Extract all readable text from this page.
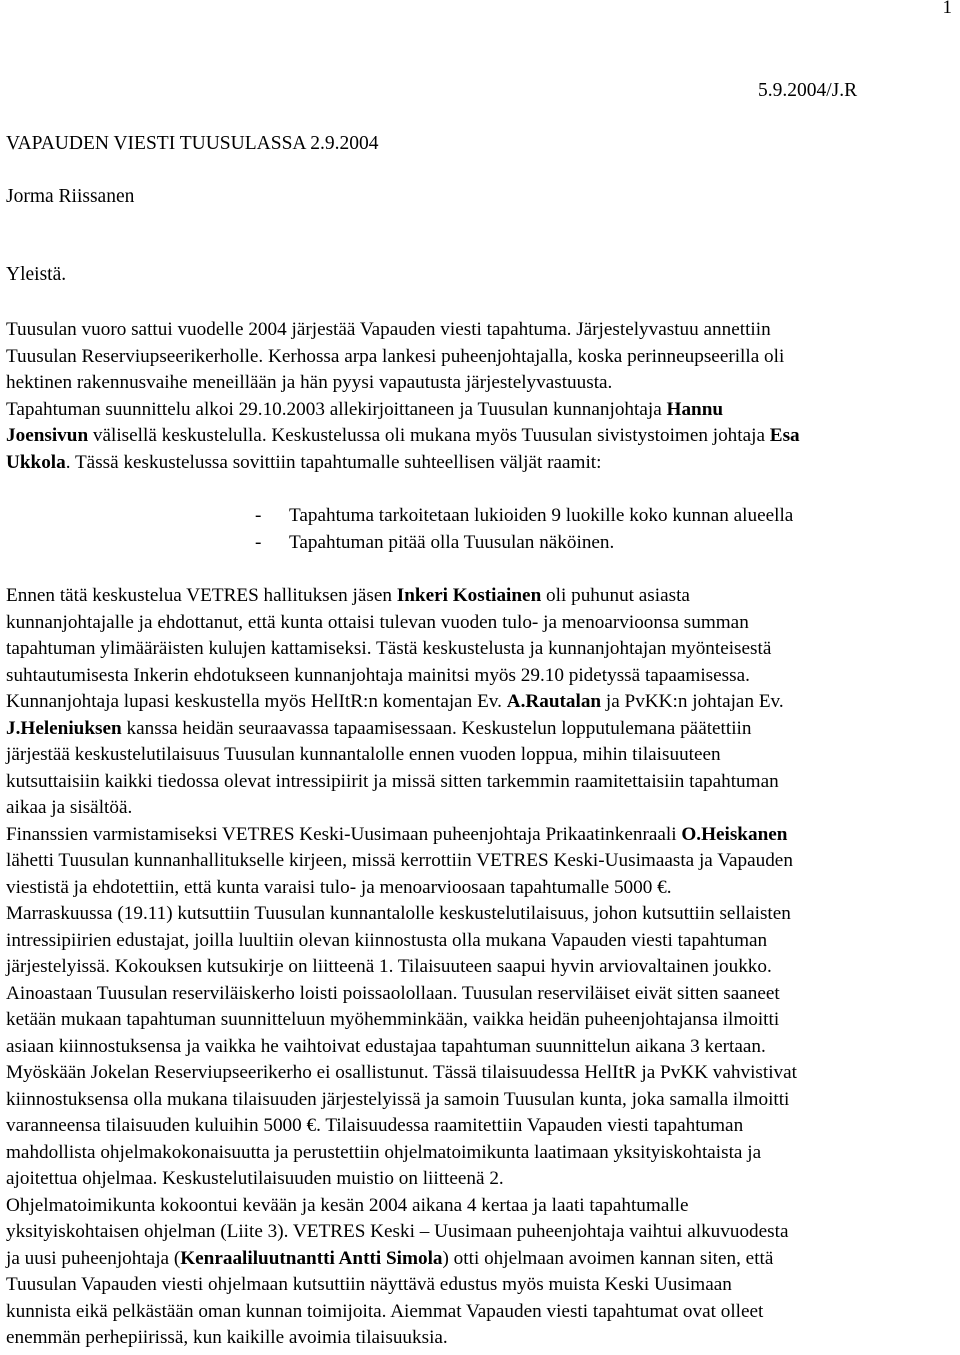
1
5.9.2004/J.R
VAPAUDEN VIESTI TUUSULASSA 2.9.2004
Jorma Riissanen
Yleistä.
Tuusulan vuoro sattui vuodelle 2004 järjestää Vapauden viesti tapahtuma. Järjestelyvastuu annettiin
Tuusulan Reserviupseerikerholle. Kerhossa arpa lankesi puheenjohtajalla, koska perinneupseerilla oli
hektinen rakennusvaihe meneillään ja hän pyysi vapautusta järjestelyvastuusta.
Tapahtuman suunnittelu alkoi 29.10.2003 allekirjoittaneen ja Tuusulan kunnanjohtaja Hannu
Joensivun välisellä keskustelulla. Keskustelussa oli mukana myös Tuusulan sivistystoimen johtaja Esa
Ukkola. Tässä keskustelussa sovittiin tapahtumalle suhteellisen väljät raamit:
-	Tapahtuma tarkoitetaan lukioiden 9 luokille koko kunnan alueella
-	Tapahtuman pitää olla Tuusulan näköinen.
Ennen tätä keskustelua VETRES hallituksen jäsen Inkeri Kostiainen oli puhunut asiasta
kunnanjohtajalle ja ehdottanut, että kunta ottaisi tulevan vuoden tulo- ja menoarvioonsa summan
tapahtuman ylimääräisten kulujen kattamiseksi. Tästä keskustelusta ja kunnanjohtajan myönteisestä
suhtautumisesta Inkerin ehdotukseen kunnanjohtaja mainitsi myös 29.10 pidetyssä tapaamisessa.
Kunnanjohtaja lupasi keskustella myös HelItR:n komentajan Ev. A.Rautalan ja PvKK:n johtajan Ev.
J.Heleniuksen kanssa heidän seuraavassa tapaamisessaan. Keskustelun lopputulemana päätettiin
järjestää keskustelutilaisuus Tuusulan kunnantalolle ennen vuoden loppua, mihin tilaisuuteen
kutsuttaisiin kaikki tiedossa olevat intressipiirit ja missä sitten tarkemmin raamitettaisiin tapahtuman
aikaa ja sisältöä.
Finanssien varmistamiseksi VETRES Keski-Uusimaan puheenjohtaja Prikaatinkenraali O.Heiskanen
lähetti Tuusulan kunnanhallitukselle kirjeen, missä kerrottiin VETRES Keski-Uusimaasta ja Vapauden
viestistä ja ehdotettiin, että kunta varaisi tulo- ja menoarvioosaan tapahtumalle 5000 €.
Marraskuussa (19.11) kutsuttiin Tuusulan kunnantalolle keskustelutilaisuus, johon kutsuttiin sellaisten
intressipiirien edustajat, joilla luultiin olevan kiinnostusta olla mukana Vapauden viesti tapahtuman
järjestelyissä. Kokouksen kutsukirje on liitteenä 1. Tilaisuuteen saapui hyvin arviovaltainen joukko.
Ainoastaan Tuusulan reserviläiskerho loisti poissaolollaan. Tuusulan reserviläiset eivät sitten saaneet
ketään mukaan tapahtuman suunnitteluun myöhemminkään, vaikka heidän puheenjohtajansa ilmoitti
asiaan kiinnostuksensa ja vaikka he vaihtoivat edustajaa tapahtuman suunnittelun aikana 3 kertaan.
Myöskään Jokelan Reserviupseerikerho ei osallistunut. Tässä tilaisuudessa HelItR ja PvKK vahvistivat
kiinnostuksensa olla mukana tilaisuuden järjestelyissä ja samoin Tuusulan kunta, joka samalla ilmoitti
varanneensa tilaisuuden kuluihin 5000 €. Tilaisuudessa raamitettiin Vapauden viesti tapahtuman
mahdollista ohjelmakokonaisuutta ja perustettiin ohjelmatoimikunta laatimaan yksityiskohtaista ja
ajoitettua ohjelmaa. Keskustelutilaisuuden muistio on liitteenä 2.
Ohjelmatoimikunta kokoontui kevään ja kesän 2004 aikana 4 kertaa ja laati tapahtumalle
yksityiskohtaisen ohjelman (Liite 3). VETRES Keski – Uusimaan puheenjohtaja vaihtui alkuvuodesta
ja uusi puheenjohtaja (Kenraaliluutnantti Antti Simola) otti ohjelmaan avoimen kannan siten, että
Tuusulan Vapauden viesti ohjelmaan kutsuttiin näyttävä edustus myös muista Keski Uusimaan
kunnista eikä pelkästään oman kunnan toimijoita. Aiemmat Vapauden viesti tapahtumat ovat olleet
enemmän perhepiirissä, kun kaikille avoimia tilaisuuksia.
